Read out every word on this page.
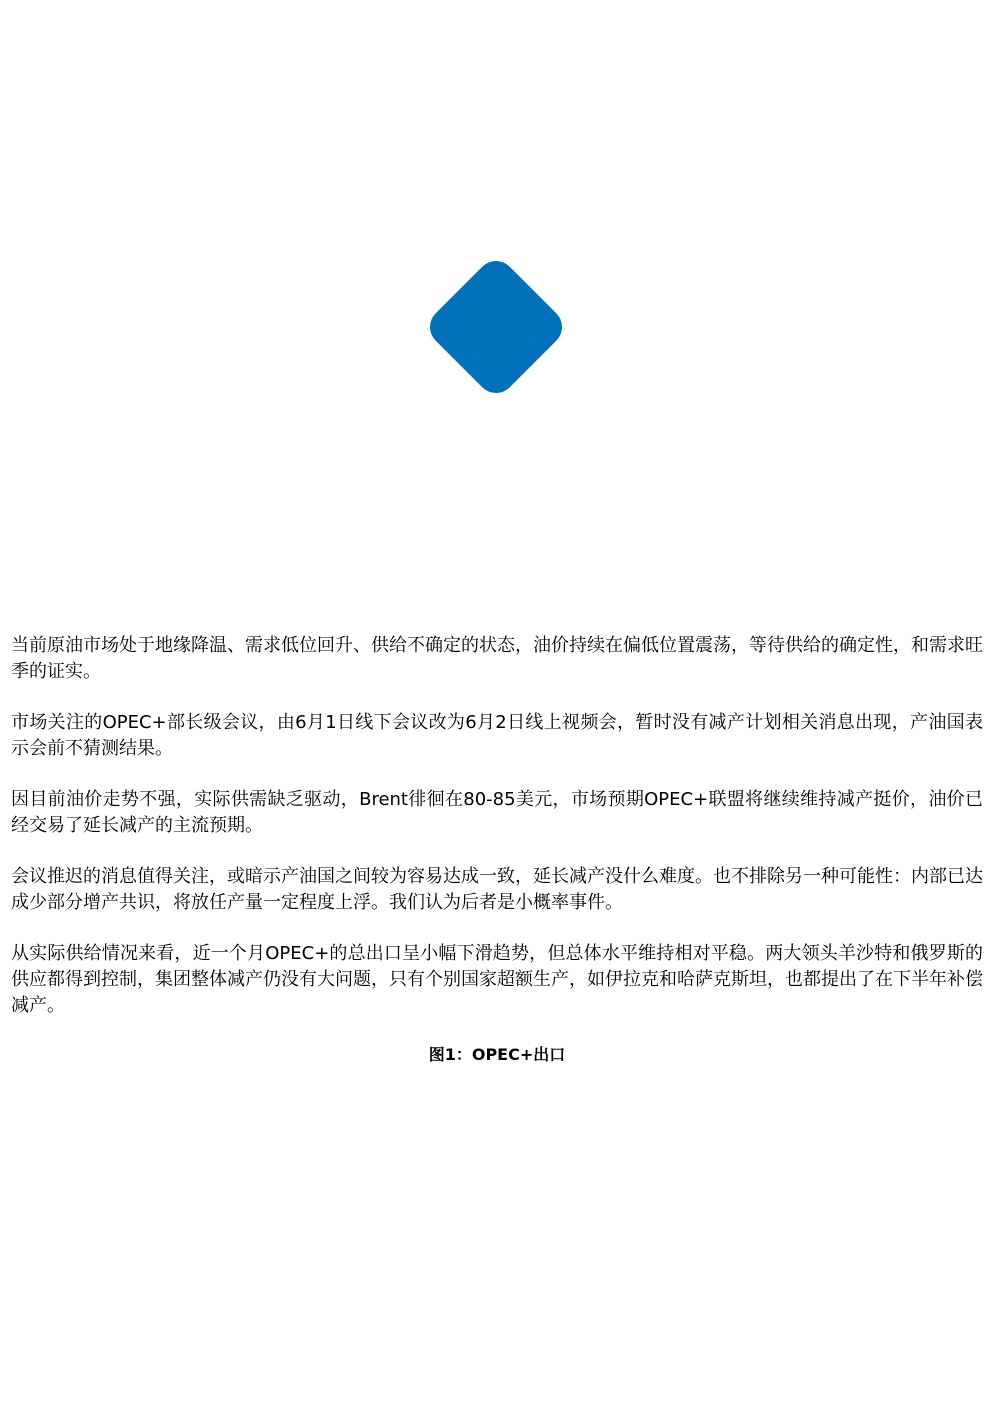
当前原油市场处于地缘降温、需求低位回升、供给不确定的状态，油价持续在偏低位置震荡，等待供给的确定性，和需求旺季的证实。

市场关注的OPEC+部长级会议，由6月1日线下会议改为6月2日线上视频会，暂时没有减产计划相关消息出现，产油国表示会前不猜测结果。

因目前油价走势不强，实际供需缺乏驱动，Brent徘徊在80-85美元，市场预期OPEC+联盟将继续维持减产挺价，油价已经交易了延长减产的主流预期。

会议推迟的消息值得关注，或暗示产油国之间较为容易达成一致，延长减产没什么难度。也不排除另一种可能性：内部已达成少部分增产共识，将放任产量一定程度上浮。我们认为后者是小概率事件。

从实际供给情况来看，近一个月OPEC+的总出口呈小幅下滑趋势，但总体水平维持相对平稳。两大领头羊沙特和俄罗斯的供应都得到控制，集团整体减产仍没有大问题，只有个别国家超额生产，如伊拉克和哈萨克斯坦，也都提出了在下半年补偿减产。

图1：OPEC+出口
